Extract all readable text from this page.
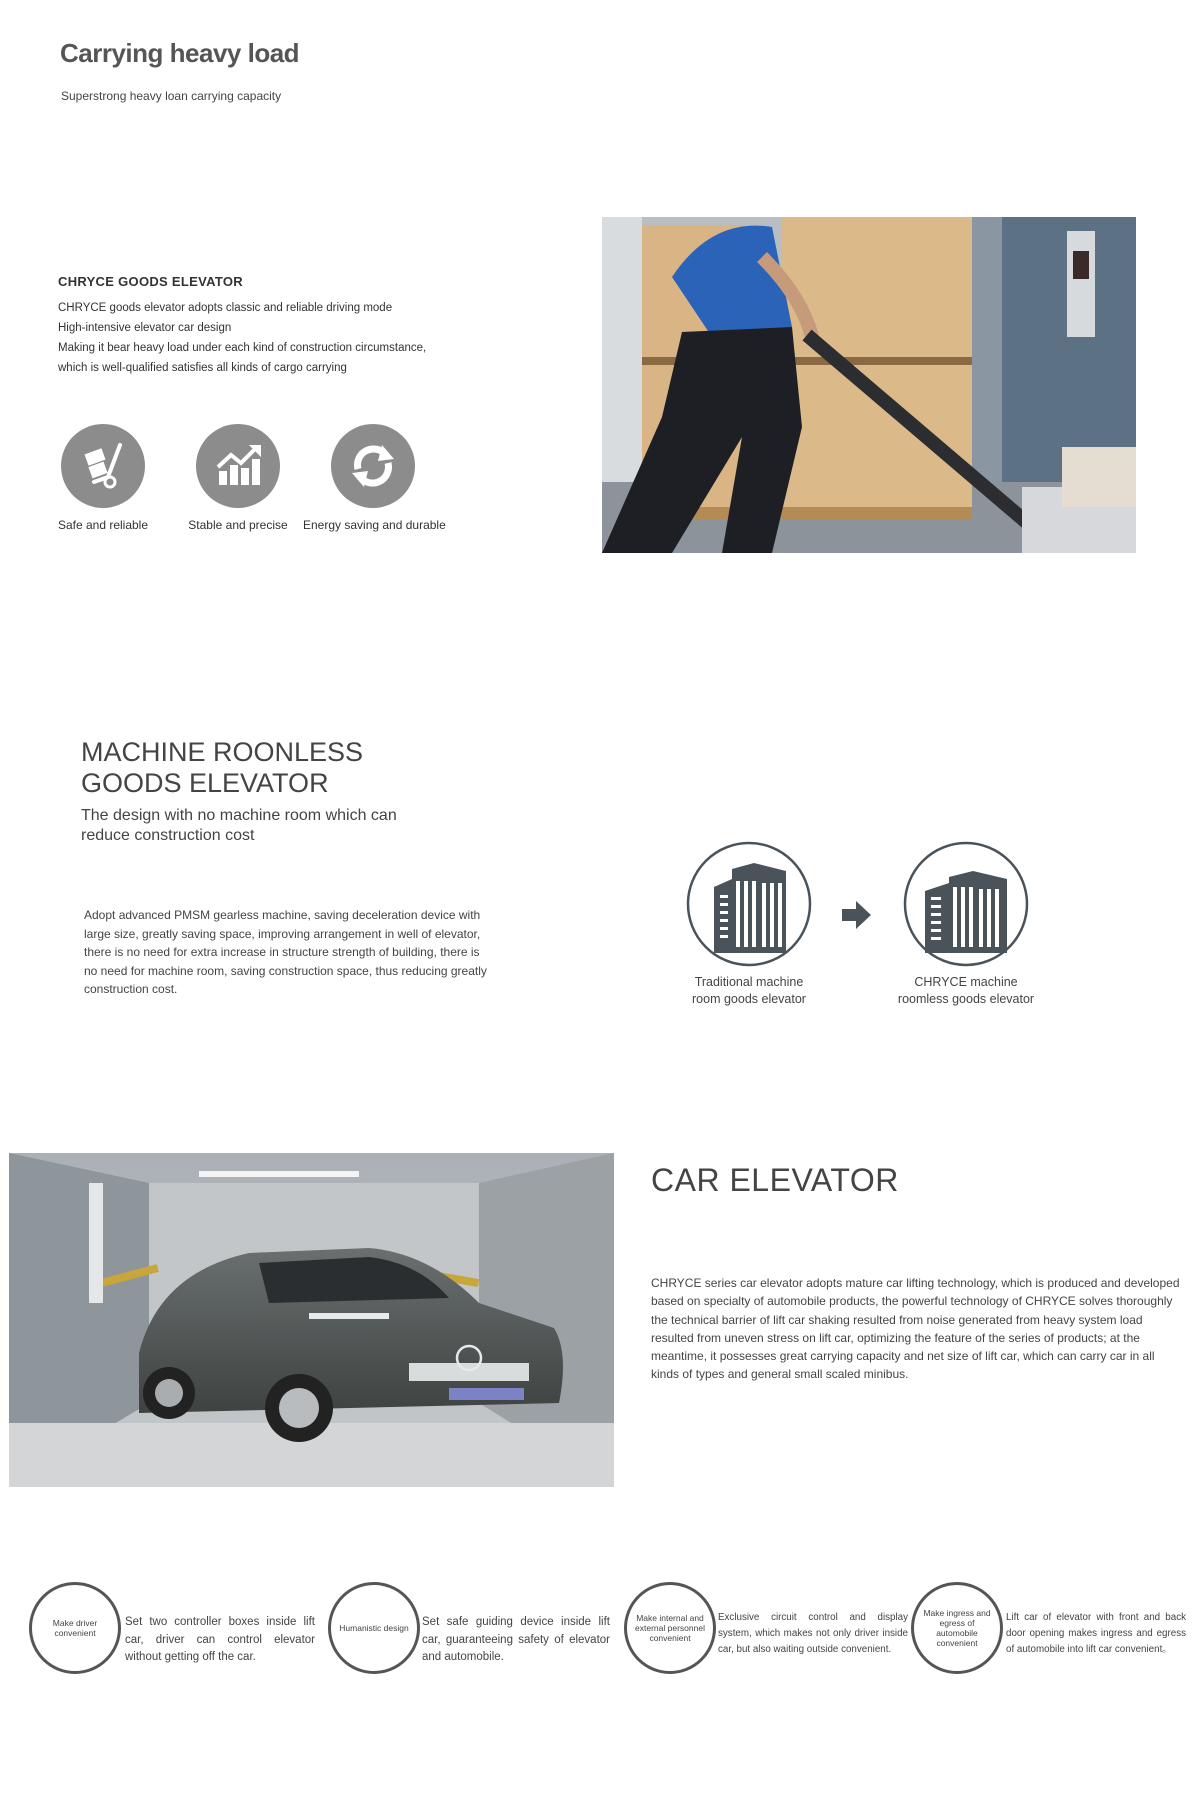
Carrying heavy load
Superstrong heavy loan carrying capacity
CHRYCE GOODS ELEVATOR
CHRYCE goods elevator adopts classic and reliable driving mode
High-intensive elevator car design
Making it bear heavy load under each kind of construction circumstance,
which is well-qualified satisfies all kinds of cargo carrying
Safe and reliable	Stable and precise	Energy saving and durable
MACHINE ROONLESS
GOODS ELEVATOR
The design with no machine room which can
reduce construction cost
Adopt advanced PMSM gearless machine, saving deceleration device with
large size, greatly saving space, improving arrangement in well of elevator,
there is no need for extra increase in structure strength of building, there is
no need for machine room, saving construction space, thus reducing greatly
construction cost.	Traditional machine
room goods elevator
CHRYCE machine
roomless goods elevator
CAR ELEVATOR
CHRYCE series car elevator adopts mature car lifting technology, which is produced and developed
based on specialty of automobile products, the powerful technology of CHRYCE solves thoroughly
the technical barrier of lift car shaking resulted from noise generated from heavy system load
resulted from uneven stress on lift car, optimizing the feature of the series of products; at the
meantime, it possesses great carrying capacity and net size of lift car, which can carry car in all
kinds of types and general small scaled minibus.
Make driver convenient
Set two controller boxes inside lift car, driver can control elevator without getting off the car.
Humanistic design	Set safe guiding device inside lift car, guaranteeing safety of elevator and automobile.
Make internal and external personnel convenient
Exclusive circuit control and display system, which makes not only driver inside car, but also waiting outside convenient.
Make ingress and egress of automobile convenient
Lift car of elevator with front and back door opening makes ingress and egress of automobile into lift car convenient。
